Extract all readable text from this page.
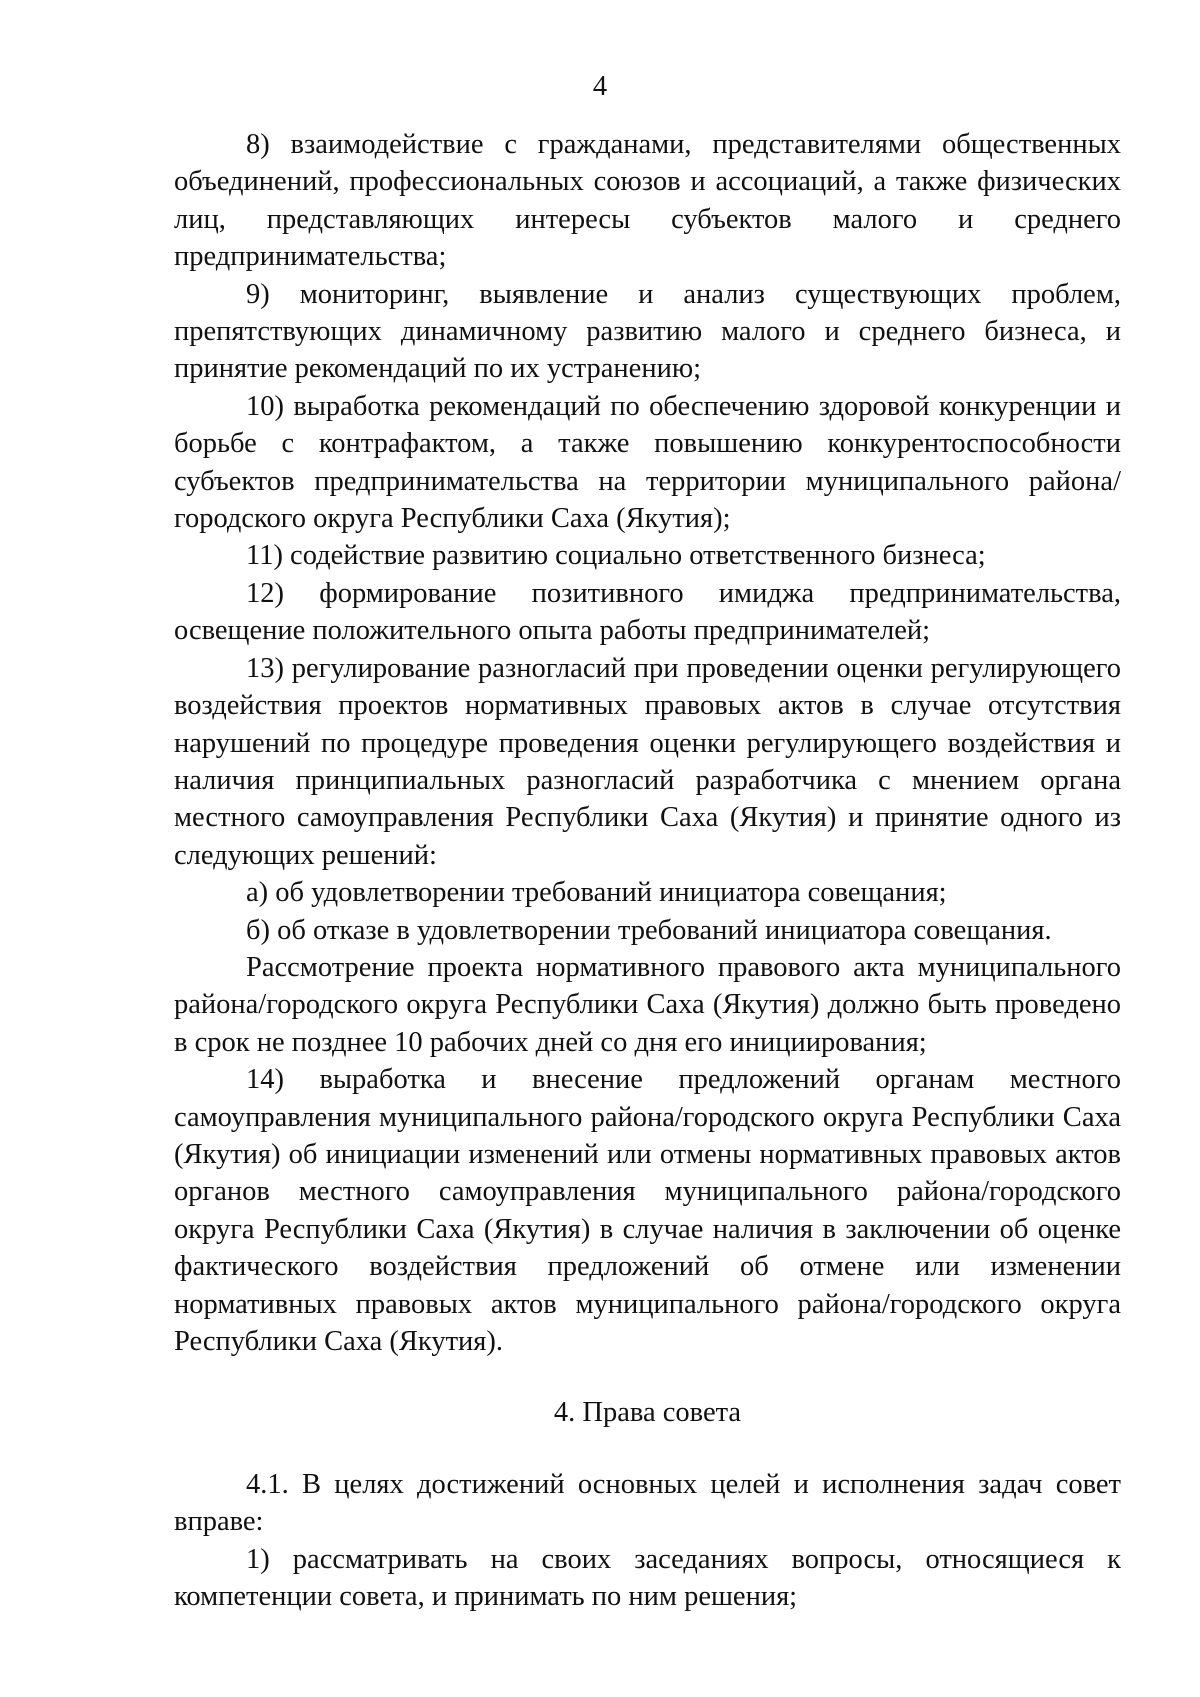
4

8) взаимодействие с гражданами, представителями общественных объединений, профессиональных союзов и ассоциаций, а также физических лиц, представляющих интересы субъектов малого и среднего предпринимательства;

9) мониторинг, выявление и анализ существующих проблем, препятствующих динамичному развитию малого и среднего бизнеса, и принятие рекомендаций по их устранению;

10) выработка рекомендаций по обеспечению здоровой конкуренции и борьбе с контрафактом, а также повышению конкурентоспособности субъектов предпринимательства на территории муниципального района/городского округа Республики Саха (Якутия);

11) содействие развитию социально ответственного бизнеса;

12) формирование позитивного имиджа предпринимательства, освещение положительного опыта работы предпринимателей;

13) регулирование разногласий при проведении оценки регулирующего воздействия проектов нормативных правовых актов в случае отсутствия нарушений по процедуре проведения оценки регулирующего воздействия и наличия принципиальных разногласий разработчика с мнением органа местного самоуправления Республики Саха (Якутия) и принятие одного из следующих решений:

а) об удовлетворении требований инициатора совещания;

б) об отказе в удовлетворении требований инициатора совещания.

Рассмотрение проекта нормативного правового акта муниципального района/городского округа Республики Саха (Якутия) должно быть проведено в срок не позднее 10 рабочих дней со дня его инициирования;

14) выработка и внесение предложений органам местного самоуправления муниципального района/городского округа Республики Саха (Якутия) об инициации изменений или отмены нормативных правовых актов органов местного самоуправления муниципального района/городского округа Республики Саха (Якутия) в случае наличия в заключении об оценке фактического воздействия предложений об отмене или изменении нормативных правовых актов муниципального района/городского округа Республики Саха (Якутия).

4. Права совета

4.1. В целях достижений основных целей и исполнения задач совет вправе:

1) рассматривать на своих заседаниях вопросы, относящиеся к компетенции совета, и принимать по ним решения;
